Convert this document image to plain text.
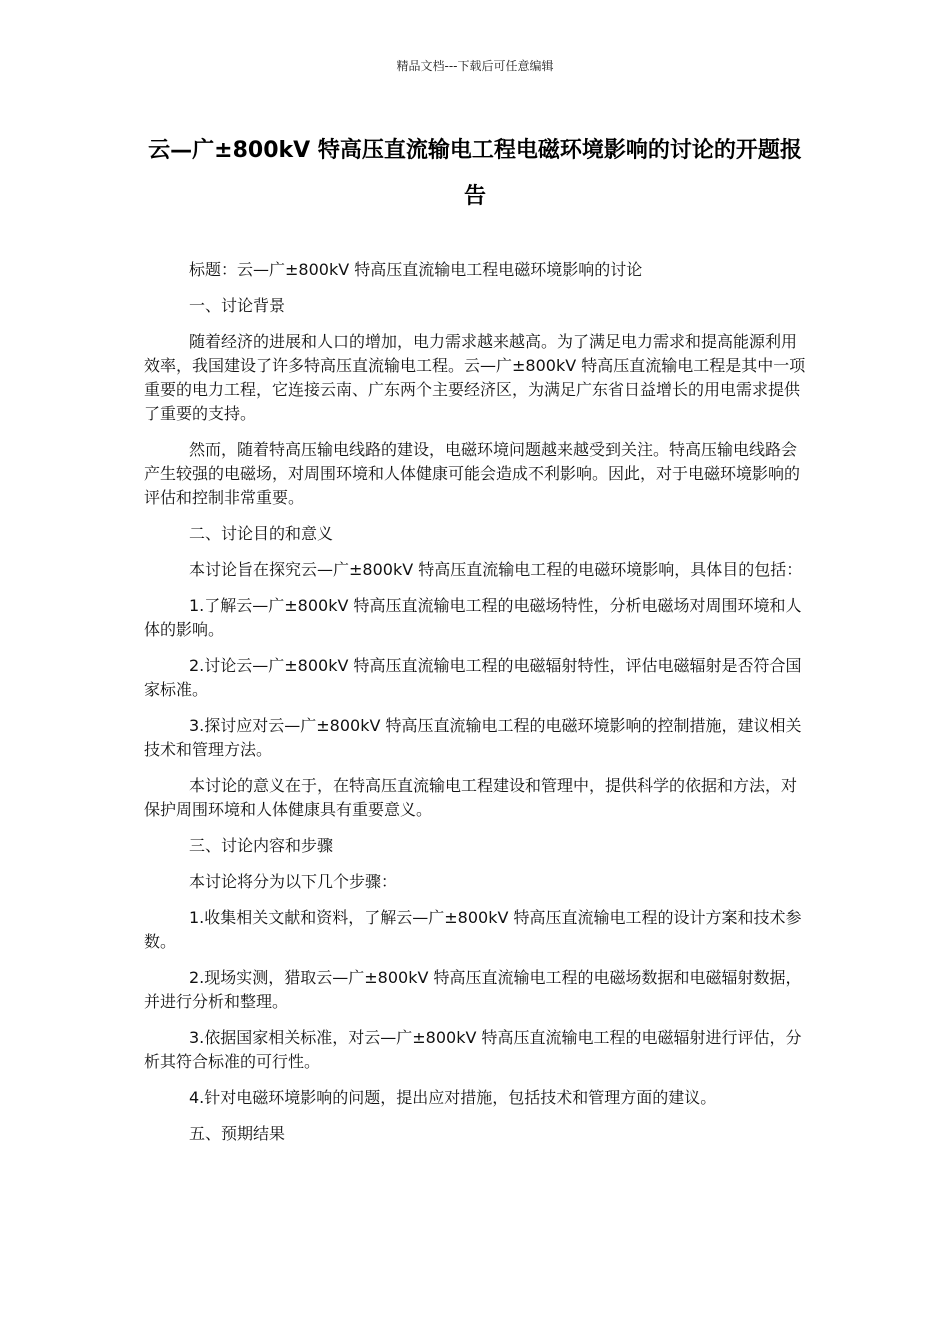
精品文档---下载后可任意编辑
云—广±800kV 特高压直流输电工程电磁环境影响的讨论的开题报告

标题：云—广±800kV 特高压直流输电工程电磁环境影响的讨论

一、讨论背景

随着经济的进展和人口的增加，电力需求越来越高。为了满足电力需求和提高能源利用效率，我国建设了许多特高压直流输电工程。云—广±800kV 特高压直流输电工程是其中一项重要的电力工程，它连接云南、广东两个主要经济区，为满足广东省日益增长的用电需求提供了重要的支持。

然而，随着特高压输电线路的建设，电磁环境问题越来越受到关注。特高压输电线路会产生较强的电磁场，对周围环境和人体健康可能会造成不利影响。因此，对于电磁环境影响的评估和控制非常重要。

二、讨论目的和意义

本讨论旨在探究云—广±800kV 特高压直流输电工程的电磁环境影响，具体目的包括：

1.了解云—广±800kV 特高压直流输电工程的电磁场特性，分析电磁场对周围环境和人体的影响。

2.讨论云—广±800kV 特高压直流输电工程的电磁辐射特性，评估电磁辐射是否符合国家标准。

3.探讨应对云—广±800kV 特高压直流输电工程的电磁环境影响的控制措施，建议相关技术和管理方法。

本讨论的意义在于，在特高压直流输电工程建设和管理中，提供科学的依据和方法，对保护周围环境和人体健康具有重要意义。

三、讨论内容和步骤

本讨论将分为以下几个步骤：

1.收集相关文献和资料，了解云—广±800kV 特高压直流输电工程的设计方案和技术参数。

2.现场实测，猎取云—广±800kV 特高压直流输电工程的电磁场数据和电磁辐射数据，并进行分析和整理。

3.依据国家相关标准，对云—广±800kV 特高压直流输电工程的电磁辐射进行评估，分析其符合标准的可行性。

4.针对电磁环境影响的问题，提出应对措施，包括技术和管理方面的建议。

五、预期结果
